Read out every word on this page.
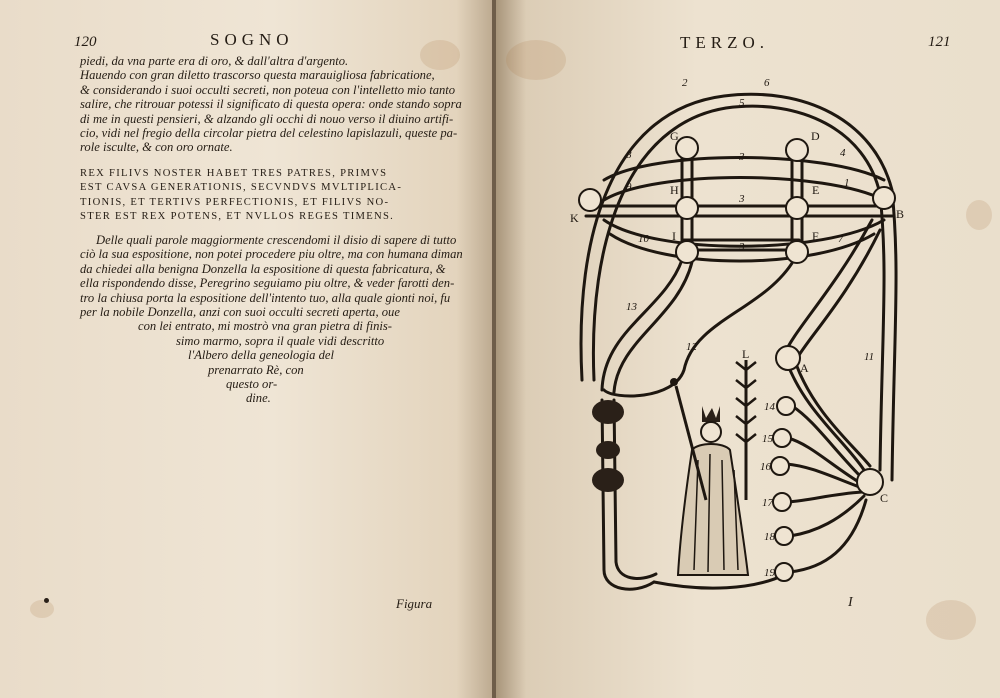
120	SOGNO
piedi, da vna parte era di oro, & dall'altra d'argento.
Hauendo con gran diletto trascorso questa marauigliosa fabricatione,
& considerando i suoi occulti secreti, non poteua con l'intelletto mio tanto
salire, che ritrouar potessi il significato di questa opera: onde stando sopra
di me in questi pensieri, & alzando gli occhi di nouo verso il diuino artifi-
cio, vidi nel fregio della circolar pietra del celestino lapislazuli, queste pa-
role isculte, & con oro ornate.
REX FILIVS NOSTER HABET TRES PATRES, PRIMVS
EST CAVSA GENERATIONIS, SECVNDVS MVLTIPLICA-
TIONIS, ET TERTIVS PERFECTIONIS, ET FILIVS NO-
STER EST REX POTENS, ET NVLLOS REGES TIMENS.
Delle quali parole maggiormente crescendomi il disio di sapere di tutto
ciò la sua espositione, non potei procedere piu oltre, ma con humana diman
da chiedei alla benigna Donzella la espositione di questa fabricatura, &
ella rispondendo disse, Peregrino seguiamo piu oltre, & veder farotti den-
tro la chiusa porta la espositione dell'intento tuo, alla quale gionti noi, fu
per la nobile Donzella, anzi con suoi occulti secreti aperta, oue
con lei entrato, mi mostrò vna gran pietra di finis-
simo marmo, sopra il quale vidi descritto
l'Albero della geneologia del
prenarrato Rè, con
questo or-
dine.
Figura
TERZO.	121
G	D
H	E
I	F
K	B
A
C
L
5
3
3
3
4
1
7
8
9
10
11
12
13
14
15
16
17
18
19
2	6
I
